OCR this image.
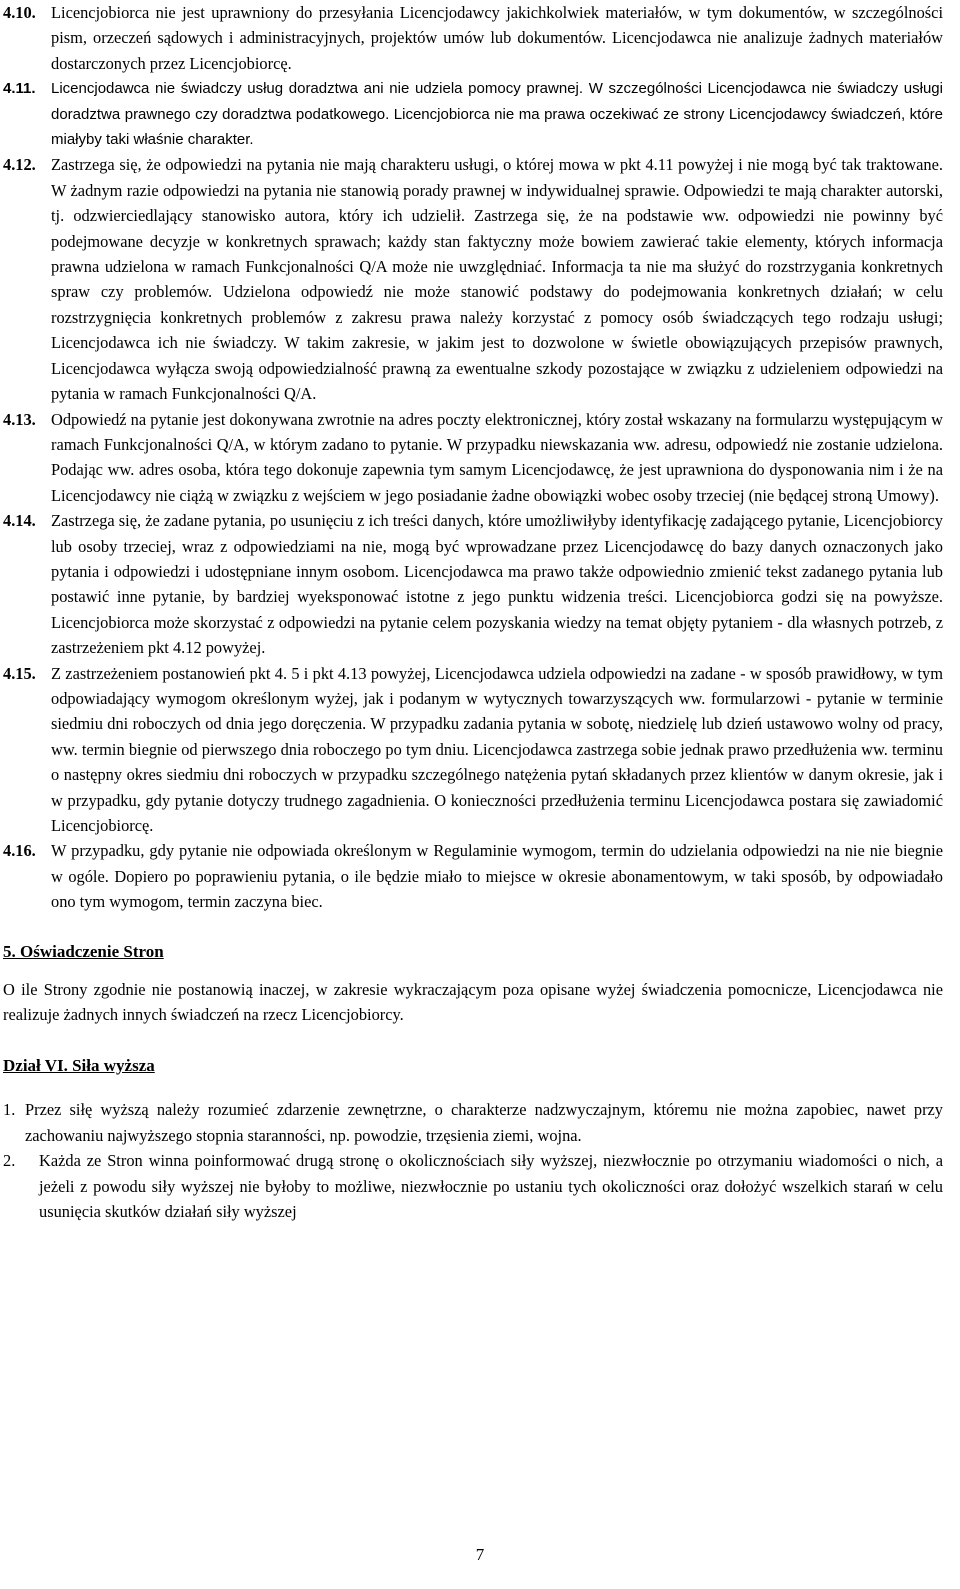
4.10. Licencjobiorca nie jest uprawniony do przesyłania Licencjodawcy jakichkolwiek materiałów, w tym dokumentów, w szczególności pism, orzeczeń sądowych i administracyjnych, projektów umów lub dokumentów. Licencjodawca nie analizuje żadnych materiałów dostarczonych przez Licencjobiorcę.
4.11.	Licencjodawca nie świadczy usług doradztwa ani nie udziela pomocy prawnej. W szczególności Licencjodawca nie świadczy usługi doradztwa prawnego czy doradztwa podatkowego. Licencjobiorca nie ma prawa oczekiwać ze strony Licencjodawcy świadczeń, które miałyby taki właśnie charakter.
4.12. Zastrzega się, że odpowiedzi na pytania nie mają charakteru usługi, o której mowa w pkt 4.11 powyżej i nie mogą być tak traktowane. W żadnym razie odpowiedzi na pytania nie stanowią porady prawnej w indywidualnej sprawie. Odpowiedzi te mają charakter autorski, tj. odzwierciedlający stanowisko autora, który ich udzielił. Zastrzega się, że na podstawie ww. odpowiedzi nie powinny być podejmowane decyzje w konkretnych sprawach; każdy stan faktyczny może bowiem zawierać takie elementy, których informacja prawna udzielona w ramach Funkcjonalności Q/A może nie uwzględniać. Informacja ta nie ma służyć do rozstrzygania konkretnych spraw czy problemów. Udzielona odpowiedź nie może stanowić podstawy do podejmowania konkretnych działań; w celu rozstrzygnięcia konkretnych problemów z zakresu prawa należy korzystać z pomocy osób świadczących tego rodzaju usługi; Licencjodawca ich nie świadczy. W takim zakresie, w jakim jest to dozwolone w świetle obowiązujących przepisów prawnych, Licencjodawca wyłącza swoją odpowiedzialność prawną za ewentualne szkody pozostające w związku z udzieleniem odpowiedzi na pytania w ramach Funkcjonalności Q/A.
4.13. Odpowiedź na pytanie jest dokonywana zwrotnie na adres poczty elektronicznej, który został wskazany na formularzu występującym w ramach Funkcjonalności Q/A, w którym zadano to pytanie. W przypadku niewskazania ww. adresu, odpowiedź nie zostanie udzielona. Podając ww. adres osoba, która tego dokonuje zapewnia tym samym Licencjodawcę, że jest uprawniona do dysponowania nim i że na Licencjodawcy nie ciążą w związku z wejściem w jego posiadanie żadne obowiązki wobec osoby trzeciej (nie będącej stroną Umowy).
4.14. Zastrzega się, że zadane pytania, po usunięciu z ich treści danych, które umożliwiłyby identyfikację zadającego pytanie, Licencjobiorcy lub osoby trzeciej, wraz z odpowiedziami na nie, mogą być wprowadzane przez Licencjodawcę do bazy danych oznaczonych jako pytania i odpowiedzi i udostępniane innym osobom. Licencjodawca ma prawo także odpowiednio zmienić tekst zadanego pytania lub postawić inne pytanie, by bardziej wyeksponować istotne z jego punktu widzenia treści. Licencjobiorca godzi się na powyższe. Licencjobiorca może skorzystać z odpowiedzi na pytanie celem pozyskania wiedzy na temat objęty pytaniem - dla własnych potrzeb, z zastrzeżeniem pkt 4.12 powyżej.
4.15. Z zastrzeżeniem postanowień pkt 4. 5 i pkt 4.13 powyżej, Licencjodawca udziela odpowiedzi na zadane - w sposób prawidłowy, w tym odpowiadający wymogom określonym wyżej, jak i podanym w wytycznych towarzyszących ww. formularzowi - pytanie w terminie siedmiu dni roboczych od dnia jego doręczenia. W przypadku zadania pytania w sobotę, niedzielę lub dzień ustawowo wolny od pracy, ww. termin biegnie od pierwszego dnia roboczego po tym dniu. Licencjodawca zastrzega sobie jednak prawo przedłużenia ww. terminu o następny okres siedmiu dni roboczych w przypadku szczególnego natężenia pytań składanych przez klientów w danym okresie, jak i w przypadku, gdy pytanie dotyczy trudnego zagadnienia. O konieczności przedłużenia terminu Licencjodawca postara się zawiadomić Licencjobiorcę.
4.16. W przypadku, gdy pytanie nie odpowiada określonym w Regulaminie wymogom, termin do udzielania odpowiedzi na nie nie biegnie w ogóle. Dopiero po poprawieniu pytania, o ile będzie miało to miejsce w okresie abonamentowym, w taki sposób, by odpowiadało ono tym wymogom, termin zaczyna biec.
5. Oświadczenie Stron
O ile Strony zgodnie nie postanowią inaczej, w zakresie wykraczającym poza opisane wyżej świadczenia pomocnicze, Licencjodawca nie realizuje żadnych innych świadczeń na rzecz Licencjobiorcy.
Dział VI. Siła wyższa
1. Przez siłę wyższą należy rozumieć zdarzenie zewnętrzne, o charakterze nadzwyczajnym, któremu nie można zapobiec, nawet przy zachowaniu najwyższego stopnia staranności, np. powodzie, trzęsienia ziemi, wojna.
2.	Każda ze Stron winna poinformować drugą stronę o okolicznościach siły wyższej, niezwłocznie po otrzymaniu wiadomości o nich, a jeżeli z powodu siły wyższej nie byłoby to możliwe, niezwłocznie po ustaniu tych okoliczności oraz dołożyć wszelkich starań w celu usunięcia skutków działań siły wyższej
7
